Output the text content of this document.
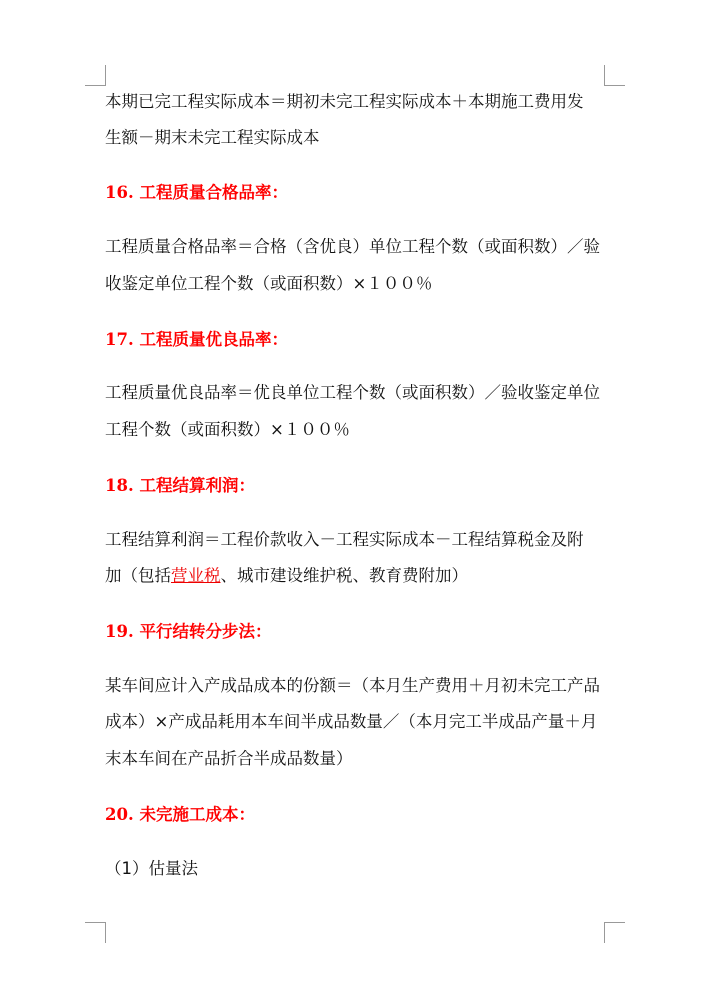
本期已完工程实际成本＝期初未完工程实际成本＋本期施工费用发
生额－期末未完工程实际成本
16. 工程质量合格品率：
工程质量合格品率＝合格（含优良）单位工程个数（或面积数）／验
收鉴定单位工程个数（或面积数）×１００％
17. 工程质量优良品率：
工程质量优良品率＝优良单位工程个数（或面积数）／验收鉴定单位
工程个数（或面积数）×１００％
18. 工程结算利润：
工程结算利润＝工程价款收入－工程实际成本－工程结算税金及附
加（包括营业税、城市建设维护税、教育费附加）
19. 平行结转分步法：
某车间应计入产成品成本的份额＝（本月生产费用＋月初未完工产品
成本）×产成品耗用本车间半成品数量／（本月完工半成品产量＋月
末本车间在产品折合半成品数量）
20. 未完施工成本：
（1）估量法
